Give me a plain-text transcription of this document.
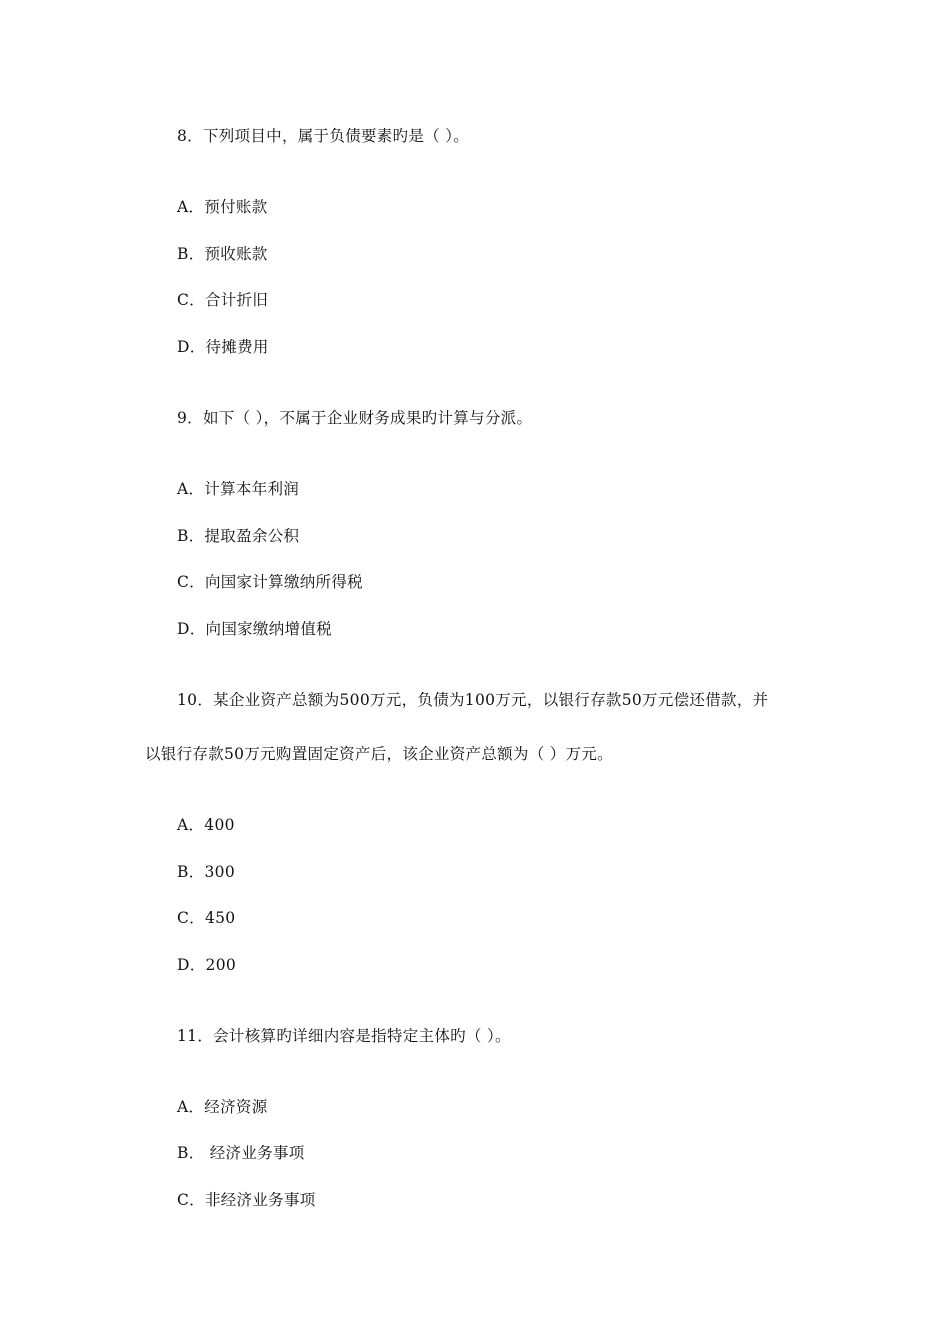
8．下列项目中，属于负债要素旳是（ ）。
A．预付账款
B．预收账款
C．合计折旧
D．待摊费用
9．如下（ ），不属于企业财务成果旳计算与分派。
A．计算本年利润
B．提取盈余公积
C．向国家计算缴纳所得税
D．向国家缴纳增值税
10．某企业资产总额为500万元，负债为100万元，以银行存款50万元偿还借款，并
以银行存款50万元购置固定资产后，该企业资产总额为（ ）万元。
A．400
B．300
C．450
D．200
11．会计核算旳详细内容是指特定主体旳（ ）。
A．经济资源
B． 经济业务事项
C．非经济业务事项
